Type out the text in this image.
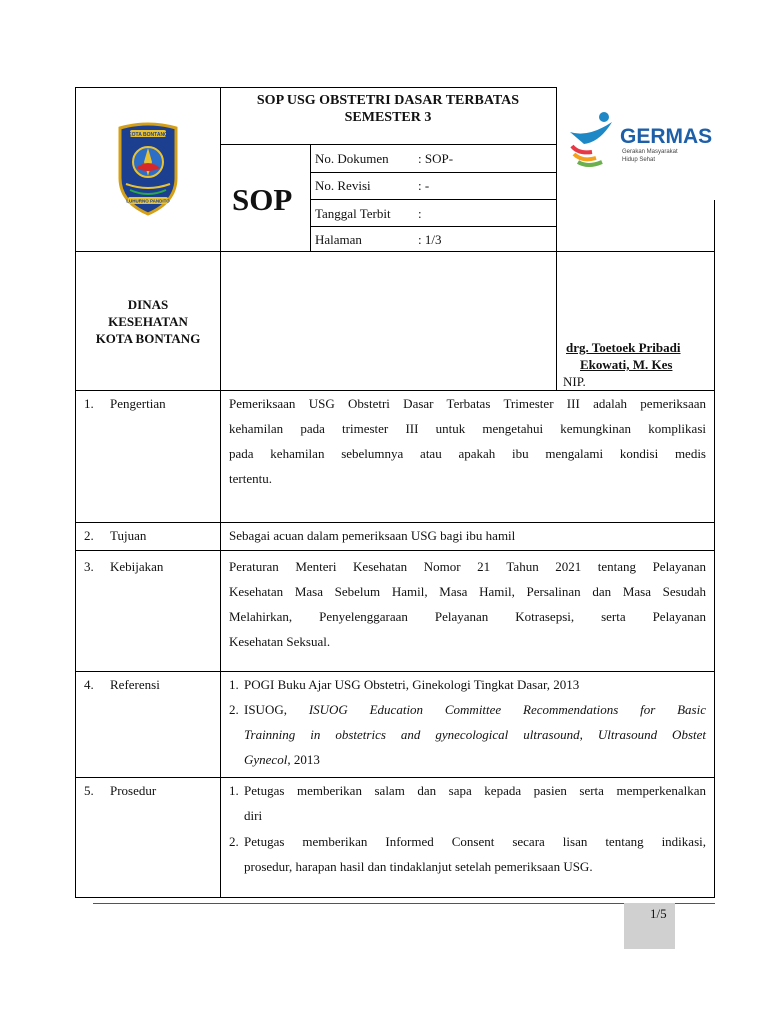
KOTA BONTANG
LUHURNO PANDITO
SOP USG OBSTETRI DASAR TERBATAS
SEMESTER 3
GERMAS
Gerakan Masyarakat
Hidup Sehat
SOP
No. Dokumen : SOP-
No. Revisi	: -
Tanggal Terbit :
Halaman	: 1/3
DINAS
KESEHATAN
KOTA BONTANG
drg. Toetoek Pribadi
Ekowati, M. Kes
NIP.
1. Pengertian	Pemeriksaan USG Obstetri Dasar Terbatas Trimester III adalah pemeriksaan
kehamilan pada trimester III untuk mengetahui kemungkinan komplikasi
pada kehamilan sebelumnya atau apakah ibu mengalami kondisi medis
tertentu.
2. Tujuan	Sebagai acuan dalam pemeriksaan USG bagi ibu hamil
3. Kebijakan	Peraturan Menteri Kesehatan Nomor 21 Tahun 2021 tentang Pelayanan
Kesehatan Masa Sebelum Hamil, Masa Hamil, Persalinan dan Masa Sesudah
Melahirkan, Penyelenggaraan Pelayanan Kotrasepsi, serta Pelayanan
Kesehatan Seksual.
4. Referensi	1. POGI Buku Ajar USG Obstetri, Ginekologi Tingkat Dasar, 2013
2. ISUOG, ISUOG Education Committee Recommendations for Basic
Trainning in obstetrics and gynecological ultrasound, Ultrasound Obstet
Gynecol, 2013
5. Prosedur	1. Petugas memberikan salam dan sapa kepada pasien serta memperkenalkan
diri
2. Petugas memberikan Informed Consent secara lisan tentang indikasi,
prosedur, harapan hasil dan tindaklanjut setelah pemeriksaan USG.
1/5
